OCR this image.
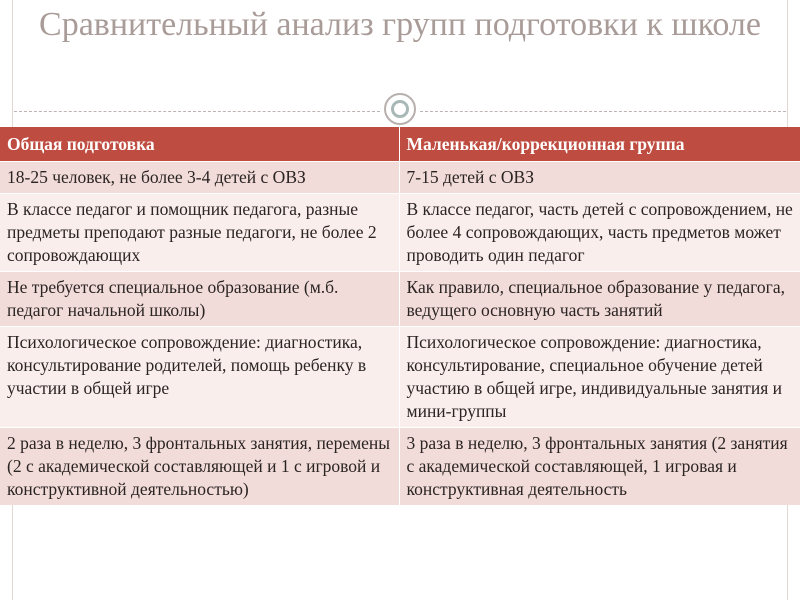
Сравнительный анализ групп подготовки к школе
Общая подготовка	Маленькая/коррекционная группа
18-25 человек, не более 3-4 детей с ОВЗ	7-15 детей с ОВЗ
В классе педагог и помощник педагога, разные предметы преподают разные педагоги, не более 2 сопровождающих	В классе педагог, часть детей с сопровождением, не более 4 сопровождающих, часть предметов может проводить один педагог
Не требуется специальное образование (м.б. педагог начальной школы)	Как правило, специальное образование у педагога, ведущего основную часть занятий
Психологическое сопровождение: диагностика, консультирование родителей, помощь ребенку в участии в общей игре	Психологическое сопровождение: диагностика, консультирование, специальное обучение детей участию в общей игре, индивидуальные занятия и мини-группы
2 раза в неделю, 3 фронтальных занятия, перемены (2 с академической составляющей и 1 с игровой и конструктивной деятельностью)	3 раза в неделю, 3 фронтальных занятия (2 занятия с академической составляющей, 1 игровая и конструктивная деятельность
